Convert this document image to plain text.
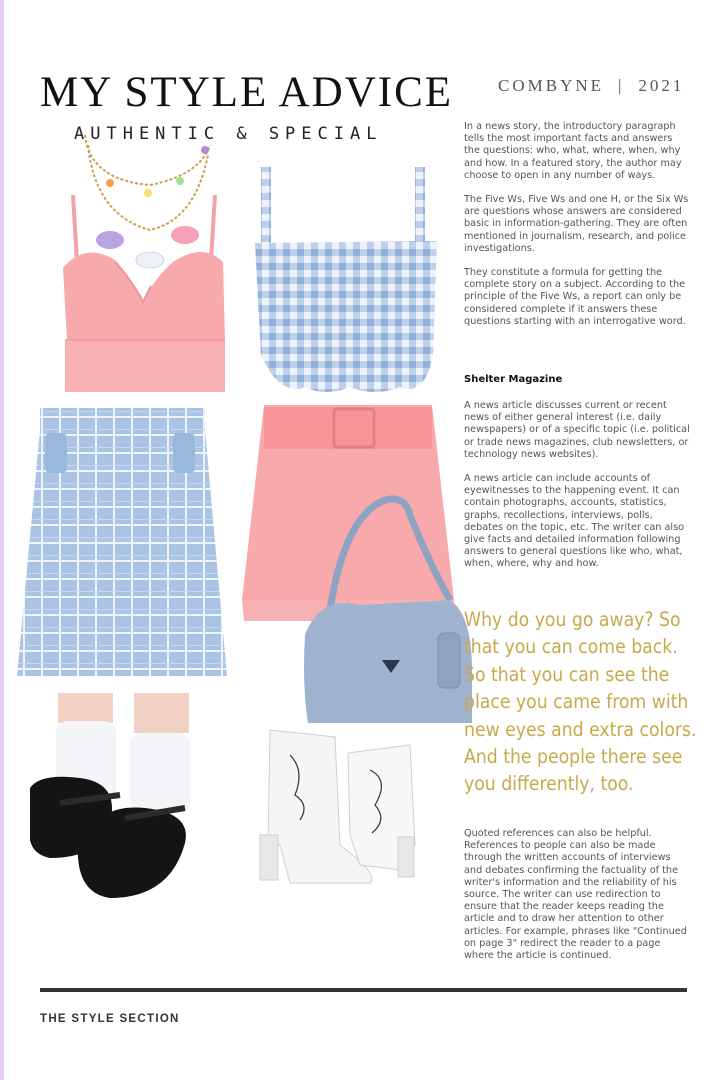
MY STYLE ADVICE
AUTHENTIC & SPECIAL
COMBYNE | 2021

In a news story, the introductory paragraph tells the most important facts and answers the questions: who, what, where, when, why and how. In a featured story, the author may choose to open in any number of ways.

The Five Ws, Five Ws and one H, or the Six Ws are questions whose answers are considered basic in information-gathering. They are often mentioned in journalism, research, and police investigations.

They constitute a formula for getting the complete story on a subject. According to the principle of the Five Ws, a report can only be considered complete if it answers these questions starting with an interrogative word.

Shelter Magazine

A news article discusses current or recent news of either general interest (i.e. daily newspapers) or of a specific topic (i.e. political or trade news magazines, club newsletters, or technology news websites).

A news article can include accounts of eyewitnesses to the happening event. It can contain photographs, accounts, statistics, graphs, recollections, interviews, polls, debates on the topic, etc. The writer can also give facts and detailed information following answers to general questions like who, what, when, where, why and how.

Why do you go away? So that you can come back. So that you can see the place you came from with new eyes and extra colors. And the people there see you differently, too.

Quoted references can also be helpful. References to people can also be made through the written accounts of interviews and debates confirming the factuality of the writer's information and the reliability of his source. The writer can use redirection to ensure that the reader keeps reading the article and to draw her attention to other articles. For example, phrases like "Continued on page 3" redirect the reader to a page where the article is continued.

THE STYLE SECTION
